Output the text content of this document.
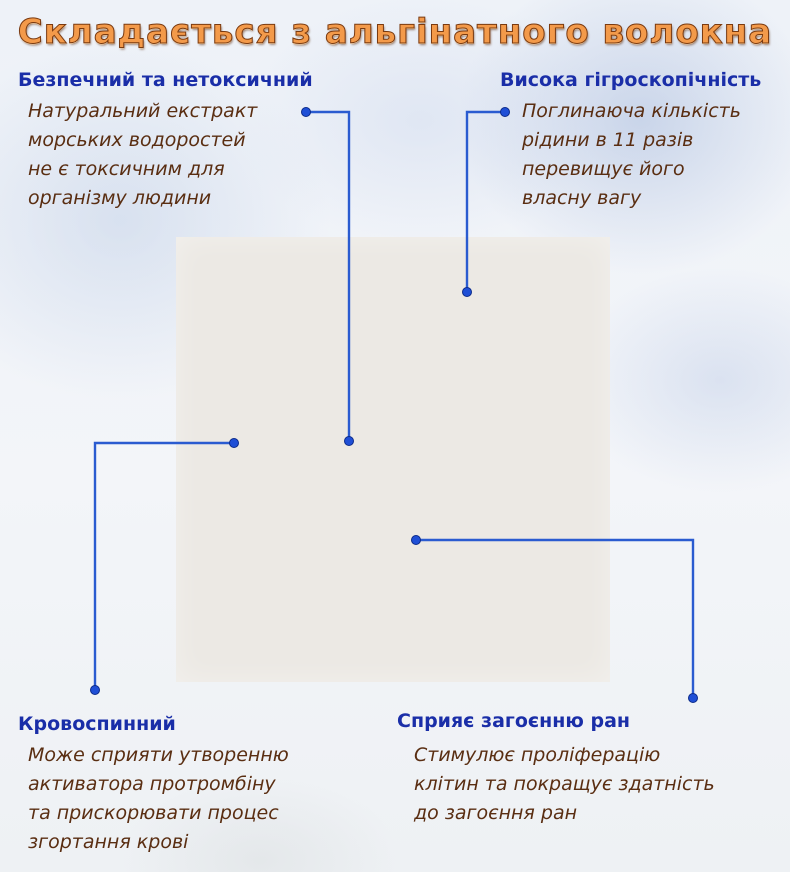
Складається з альгінатного волокна
Безпечний та нетоксичний
Натуральний екстракт
морських водоростей
не є токсичним для
організму людини
Висока гігроскопічність
Поглинаюча кількість
рідини в 11 разів
перевищує його
власну вагу
Кровоспинний
Може сприяти утворенню
активатора протромбіну
та прискорювати процес
згортання крові
Сприяє загоєнню ран
Стимулює проліферацію
клітин та покращує здатність
до загоєння ран
